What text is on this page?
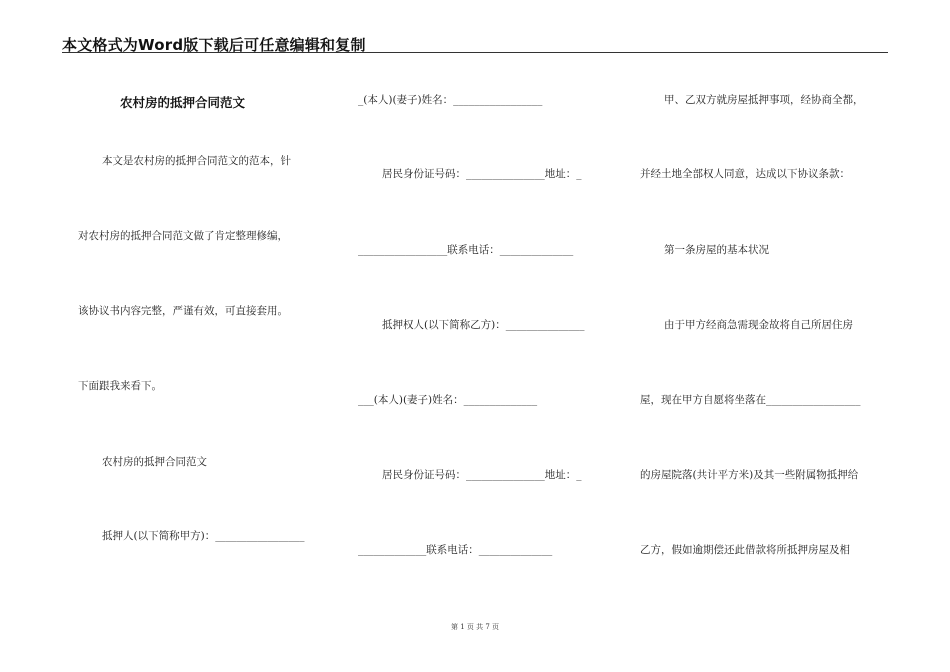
本文格式为Word版下载后可任意编辑和复制
农村房的抵押合同范文
本文是农村房的抵押合同范文的范本，针
对农村房的抵押合同范文做了肯定整理修编，
该协议书内容完整，严谨有效，可直接套用。
下面跟我来看下。
农村房的抵押合同范文
抵押人(以下简称甲方)：_________________
_(本人)(妻子)姓名：_________________
居民身份证号码：_______________地址：_
_________________联系电话：______________
抵押权人(以下简称乙方)：_______________
___(本人)(妻子)姓名：______________
居民身份证号码：_______________地址：_
_____________联系电话：______________
甲、乙双方就房屋抵押事项，经协商全都，
并经土地全部权人同意，达成以下协议条款：
第一条房屋的基本状况
由于甲方经商急需现金故将自己所居住房
屋，现在甲方自愿将坐落在__________________
的房屋院落(共计平方米)及其一些附属物抵押给
乙方，假如逾期偿还此借款将所抵押房屋及相
第 1 页 共 7 页
